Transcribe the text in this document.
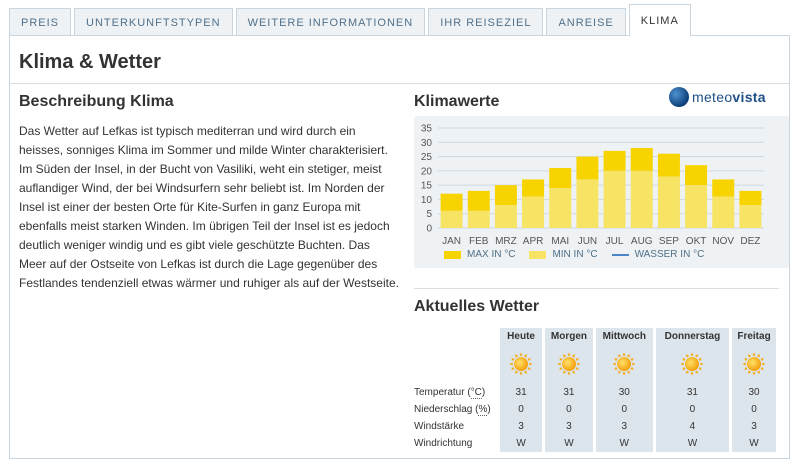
PREIS	UNTERKUNFTSTYPEN	WEITERE INFORMATIONEN	IHR REISEZIEL	ANREISE	KLIMA
Klima & Wetter
Beschreibung Klima

Das Wetter auf Lefkas ist typisch mediterran und wird durch ein heisses, sonniges Klima im Sommer und milde Winter charakterisiert. Im Süden der Insel, in der Bucht von Vasiliki, weht ein stetiger, meist auflandiger Wind, der bei Windsurfern sehr beliebt ist. Im Norden der Insel ist einer der besten Orte für Kite-Surfen in ganz Europa mit ebenfalls meist starken Winden. Im übrigen Teil der Insel ist es jedoch deutlich weniger windig und es gibt viele geschützte Buchten. Das Meer auf der Ostseite von Lefkas ist durch die Lage gegenüber des Festlandes tendenziell etwas wärmer und ruhiger als auf der Westseite.

Klimawerte	meteovista
0
5
10
15
20
25
30
35
JAN FEB MRZ APR MAI JUN JUL AUG SEP OKT NOV DEZ
MAX IN °C	MIN IN °C	WASSER IN °C
Aktuelles Wetter
	Heute		Morgen		Mittwoch		Donnerstag		Freitag

Temperatur (°C)	31		31		30		31		30
Niederschlag (%)	0		0		0		0		0
Windstärke	3		3		3		4		3
Windrichtung	W		W		W		W		W
